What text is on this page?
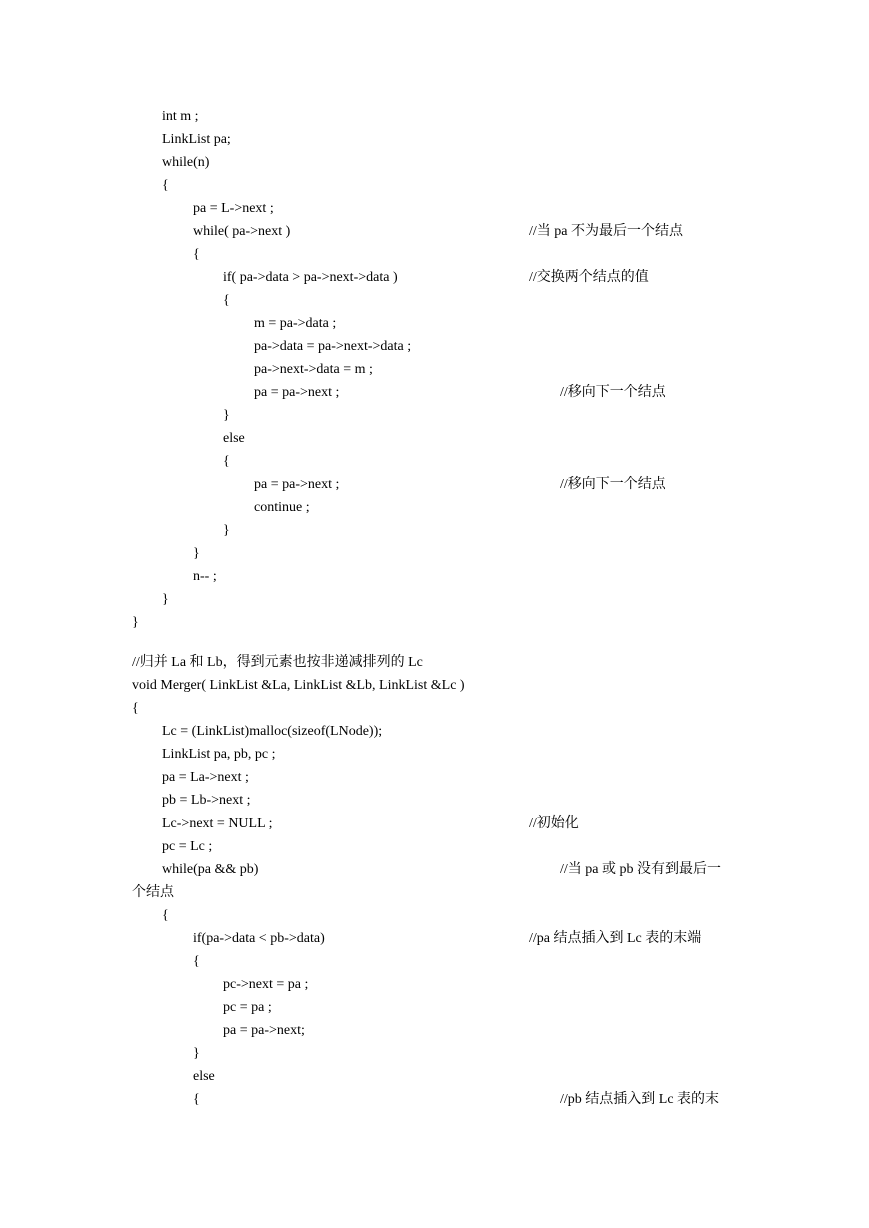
int m ;
LinkList pa;
while(n)
{
pa = L->next ;
while( pa->next )	//当 pa 不为最后一个结点
{
if( pa->data > pa->next->data )	//交换两个结点的值
{
m = pa->data ;
pa->data = pa->next->data ;
pa->next->data = m ;
pa = pa->next ;	//移向下一个结点
}
else
{
pa = pa->next ;	//移向下一个结点
continue ;
}
}
n-- ;
}
}
//归并 La 和 Lb，得到元素也按非递减排列的 Lc
void Merger( LinkList &La, LinkList &Lb, LinkList &Lc )
{
Lc = (LinkList)malloc(sizeof(LNode));
LinkList pa, pb, pc ;
pa = La->next ;
pb = Lb->next ;
Lc->next = NULL ;	//初始化
pc = Lc ;
while(pa && pb)	//当 pa 或 pb 没有到最后一
个结点
{
if(pa->data < pb->data)	//pa 结点插入到 Lc 表的末端
{
pc->next = pa ;
pc = pa ;
pa = pa->next;
}
else
{	//pb 结点插入到 Lc 表的末
